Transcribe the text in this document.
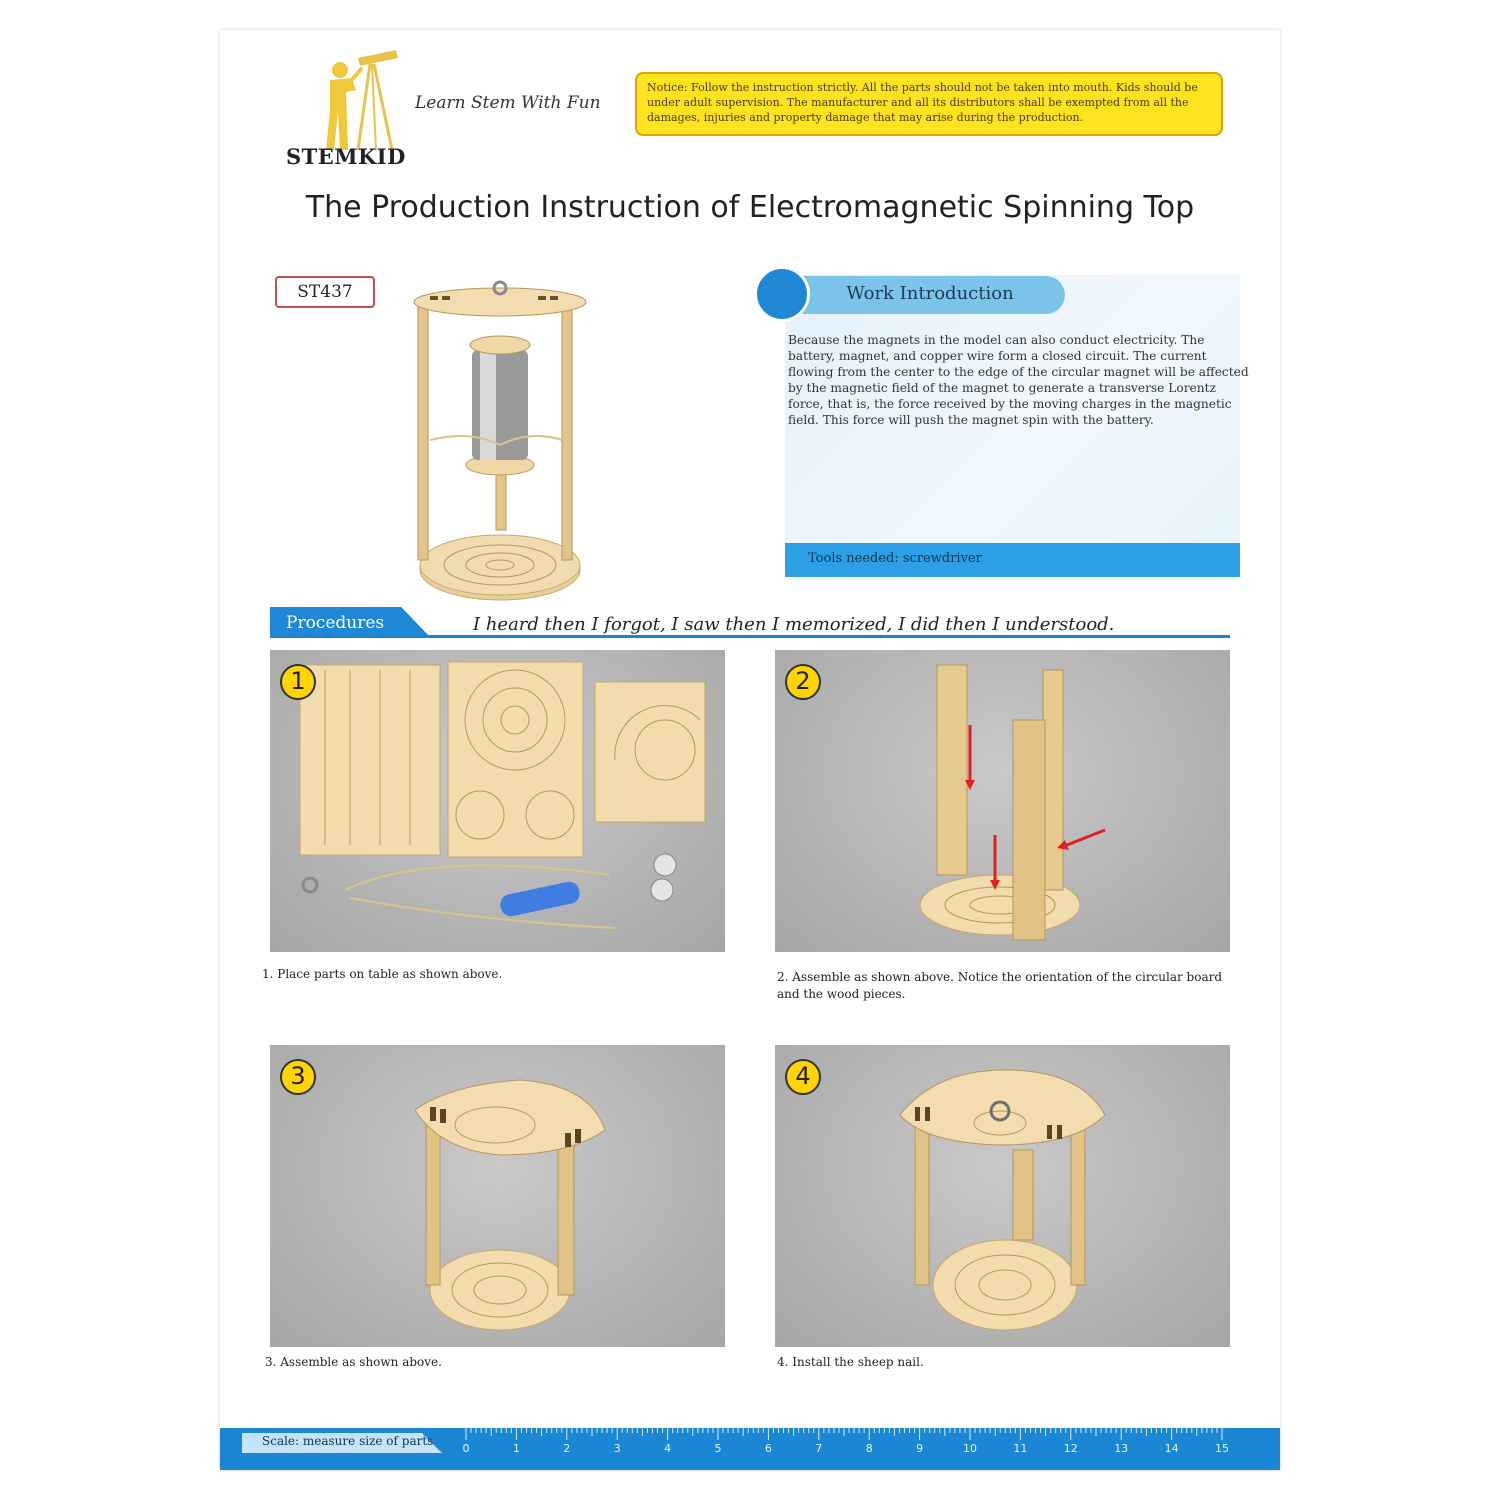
STEMKID
Learn Stem With Fun
Notice: Follow the instruction strictly. All the parts should not be taken into mouth. Kids should be under adult supervision. The manufacturer and all its distributors shall be exempted from all the damages, injuries and property damage that may arise during the production.
The Production Instruction of Electromagnetic Spinning Top
ST437	Work Introduction
Because the magnets in the model can also conduct electricity. The battery, magnet, and copper wire form a closed circuit. The current flowing from the center to the edge of the circular magnet will be affected by the magnetic field of the magnet to generate a transverse Lorentz force, that is, the force received by the moving charges in the magnetic field. This force will push the magnet spin with the battery.
Tools needed: screwdriver
Procedures	I heard then I forgot, I saw then I memorized, I did then I understood.
1
1. Place parts on table as shown above.
2
2. Assemble as shown above. Notice the orientation of the circular board and the wood pieces.
3
3. Assemble as shown above.
4
4. Install the sheep nail.
Scale: measure size of parts
0	1	2	3	4	5	6	7	8	9	10	11	12	13	14	15
